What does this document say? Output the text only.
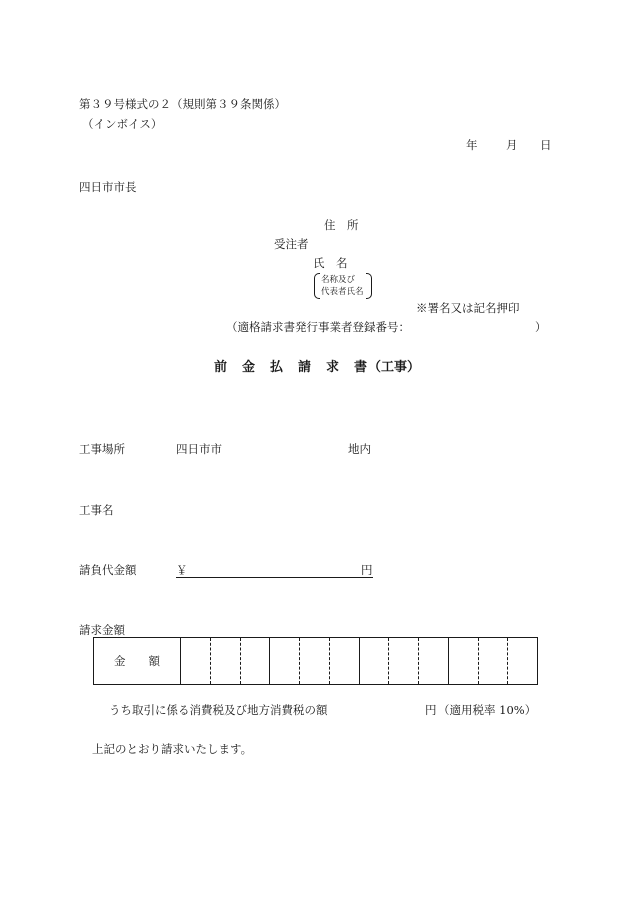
第３９号様式の２（規則第３９条関係）
（インボイス）
年 月 日
四日市市長
住　所
受注者
氏　名
名称及び
代表者氏名
※署名又は記名押印
（適格請求書発行事業者登録番号：	）
前 金 払 請 求 書（工事）
工事場所	四日市市	地内
工事名
請負代金額	￥	円
請求金額
金　　額												
うち取引に係る消費税及び地方消費税の額	円 （適用税率 10%）
上記のとおり請求いたします。
